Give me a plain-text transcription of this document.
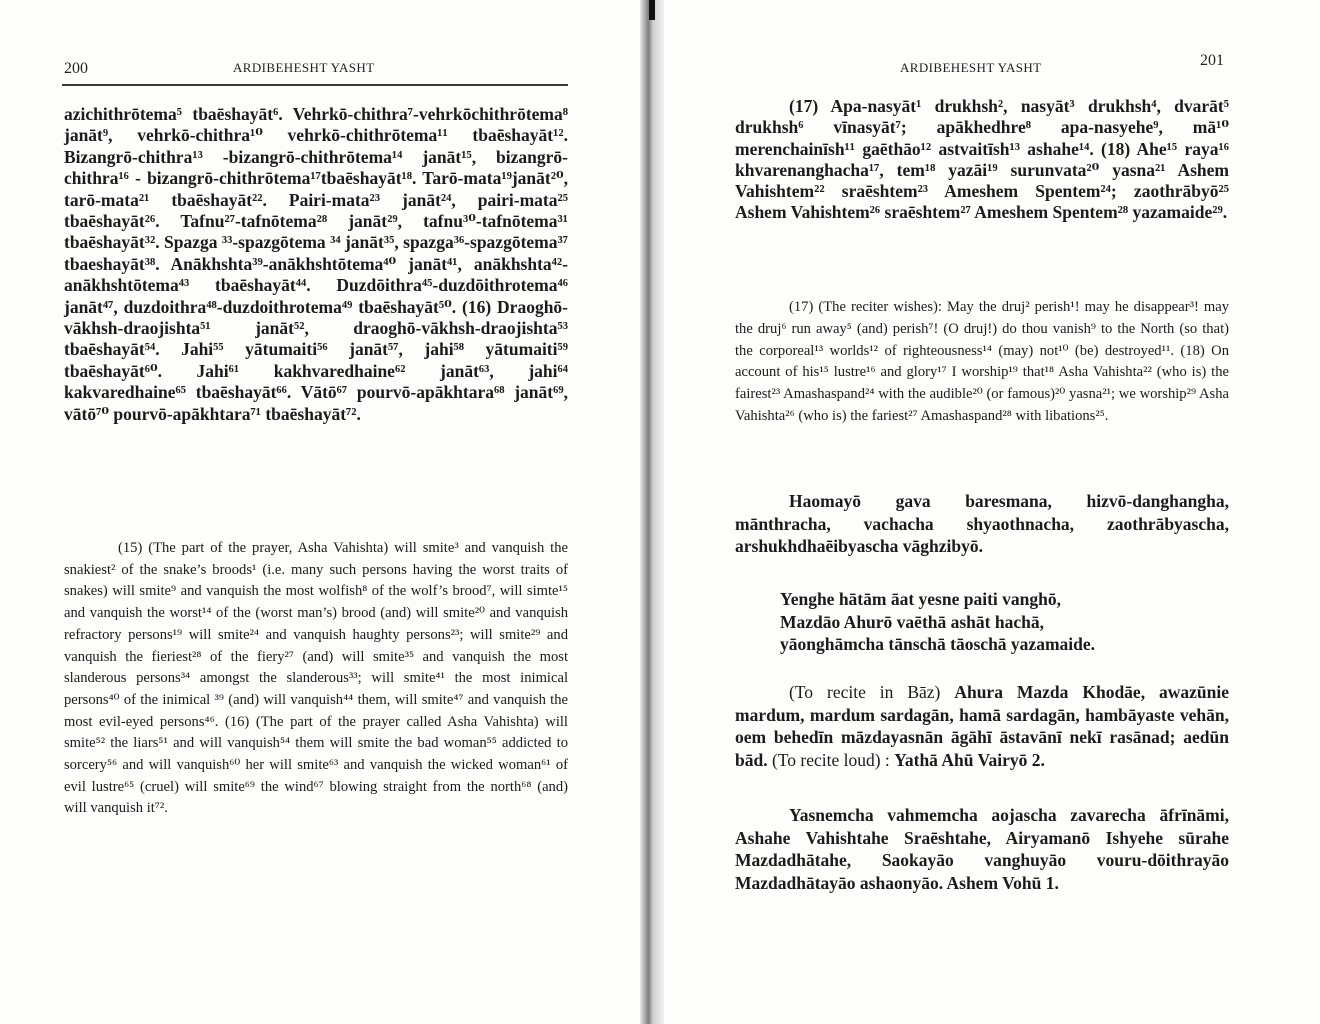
200	ARDIBEHESHT YASHT

azichithrōtema⁵ tbaēshayāt⁶. Vehrkō-chithra⁷-vehrkōchithrōtema⁸ janāt⁹, vehrkō-chithra¹⁰ vehrkō-chithrōtema¹¹ tbaēshayāt¹². Bizangrō-chithra¹³ -bizangrō-chithrōtema¹⁴ janāt¹⁵, bizangrō-chithra¹⁶ - bizangrō-chithrōtema¹⁷tbaēshayāt¹⁸. Tarō-mata¹⁹janāt²⁰, tarō-mata²¹ tbaēshayāt²². Pairi-mata²³ janāt²⁴, pairi-mata²⁵ tbaēshayāt²⁶. Tafnu²⁷-tafnōtema²⁸ janāt²⁹, tafnu³⁰-tafnōtema³¹ tbaēshayāt³². Spazga ³³-spazgōtema ³⁴ janāt³⁵, spazga³⁶-spazgōtema³⁷ tbaeshayāt³⁸. Anākhshta³⁹-anākhshtōtema⁴⁰ janāt⁴¹, anākhshta⁴²-anākhshtōtema⁴³ tbaēshayāt⁴⁴. Duzdōithra⁴⁵-duzdōithrotema⁴⁶ janāt⁴⁷, duzdoithra⁴⁸-duzdoithrotema⁴⁹ tbaēshayāt⁵⁰. (16) Draoghō-vākhsh-draojishta⁵¹ janāt⁵², draoghō-vākhsh-draojishta⁵³ tbaēshayāt⁵⁴. Jahi⁵⁵ yātumaiti⁵⁶ janāt⁵⁷, jahi⁵⁸ yātumaiti⁵⁹ tbaēshayāt⁶⁰. Jahi⁶¹ kakhvaredhaine⁶² janāt⁶³, jahi⁶⁴ kakvaredhaine⁶⁵ tbaēshayāt⁶⁶. Vātō⁶⁷ pourvō-apākhtara⁶⁸ janāt⁶⁹, vātō⁷⁰ pourvō-apākhtara⁷¹ tbaēshayāt⁷².

(15) (The part of the prayer, Asha Vahishta) will smite³ and vanquish the snakiest² of the snake’s broods¹ (i.e. many such persons having the worst traits of snakes) will smite⁹ and vanquish the most wolfish⁸ of the wolf’s brood⁷, will simte¹⁵ and vanquish the worst¹⁴ of the (worst man’s) brood (and) will smite²⁰ and vanquish refractory persons¹⁹ will smite²⁴ and vanquish haughty persons²³; will smite²⁹ and vanquish the fieriest²⁸ of the fiery²⁷ (and) will smite³⁵ and vanquish the most slanderous persons³⁴ amongst the slanderous³³; will smite⁴¹ the most inimical persons⁴⁰ of the inimical ³⁹ (and) will vanquish⁴⁴ them, will smite⁴⁷ and vanquish the most evil-eyed persons⁴⁶. (16) (The part of the prayer called Asha Vahishta) will smite⁵² the liars⁵¹ and will vanquish⁵⁴ them will smite the bad woman⁵⁵ addicted to sorcery⁵⁶ and will vanquish⁶⁰ her will smite⁶³ and vanquish the wicked woman⁶¹ of evil lustre⁶⁵ (cruel) will smite⁶⁹ the wind⁶⁷ blowing straight from the north⁶⁸ (and) will vanquish it⁷².

ARDIBEHESHT YASHT	201

(17) Apa-nasyāt¹ drukhsh², nasyāt³ drukhsh⁴, dvarāt⁵ drukhsh⁶ vīnasyāt⁷; apākhedhre⁸ apa-nasyehe⁹, mā¹⁰ merenchainīsh¹¹ gaēthāo¹² astvaitīsh¹³ ashahe¹⁴. (18) Ahe¹⁵ raya¹⁶ khvarenanghacha¹⁷, tem¹⁸ yazāi¹⁹ surunvata²⁰ yasna²¹ Ashem Vahishtem²² sraēshtem²³ Ameshem Spentem²⁴; zaothrābyō²⁵ Ashem Vahishtem²⁶ sraēshtem²⁷ Ameshem Spentem²⁸ yazamaide²⁹.

(17) (The reciter wishes): May the druj² perish¹! may he disappear³! may the druj⁶ run away⁵ (and) perish⁷! (O druj!) do thou vanish⁹ to the North (so that) the corporeal¹³ worlds¹² of righteousness¹⁴ (may) not¹⁰ (be) destroyed¹¹. (18) On account of his¹⁵ lustre¹⁶ and glory¹⁷ I worship¹⁹ that¹⁸ Asha Vahishta²² (who is) the fairest²³ Amashaspand²⁴ with the audible²⁰ (or famous)²⁰ yasna²¹; we worship²⁹ Asha Vahishta²⁶ (who is) the fariest²⁷ Amashaspand²⁸ with libations²⁵.

Haomayō gava baresmana, hizvō-danghangha, mānthracha, vachacha shyaothnacha, zaothrābyascha, arshukhdhaēibyascha vāghzibyō.

Yenghe hātām āat yesne paiti vanghō,
Mazdāo Ahurō vaēthā ashāt hachā,
yāonghāmcha tānschā tāoschā yazamaide.

(To recite in Bāz) Ahura Mazda Khodāe, awazūnie mardum, mardum sardagān, hamā sardagān, hambāyaste vehān, oem behedīn māzdayasnān āgāhī āstavānī nekī rasānad; aedūn bād. (To recite loud) : Yathā Ahū Vairyō 2.

Yasnemcha vahmemcha aojascha zavarecha āfrīnāmi, Ashahe Vahishtahe Sraēshtahe, Airyamanō Ishyehe sūrahe Mazdadhātahe, Saokayāo vanghuyāo vouru-dōithrayāo Mazdadhātayāo ashaonyāo. Ashem Vohū 1.
